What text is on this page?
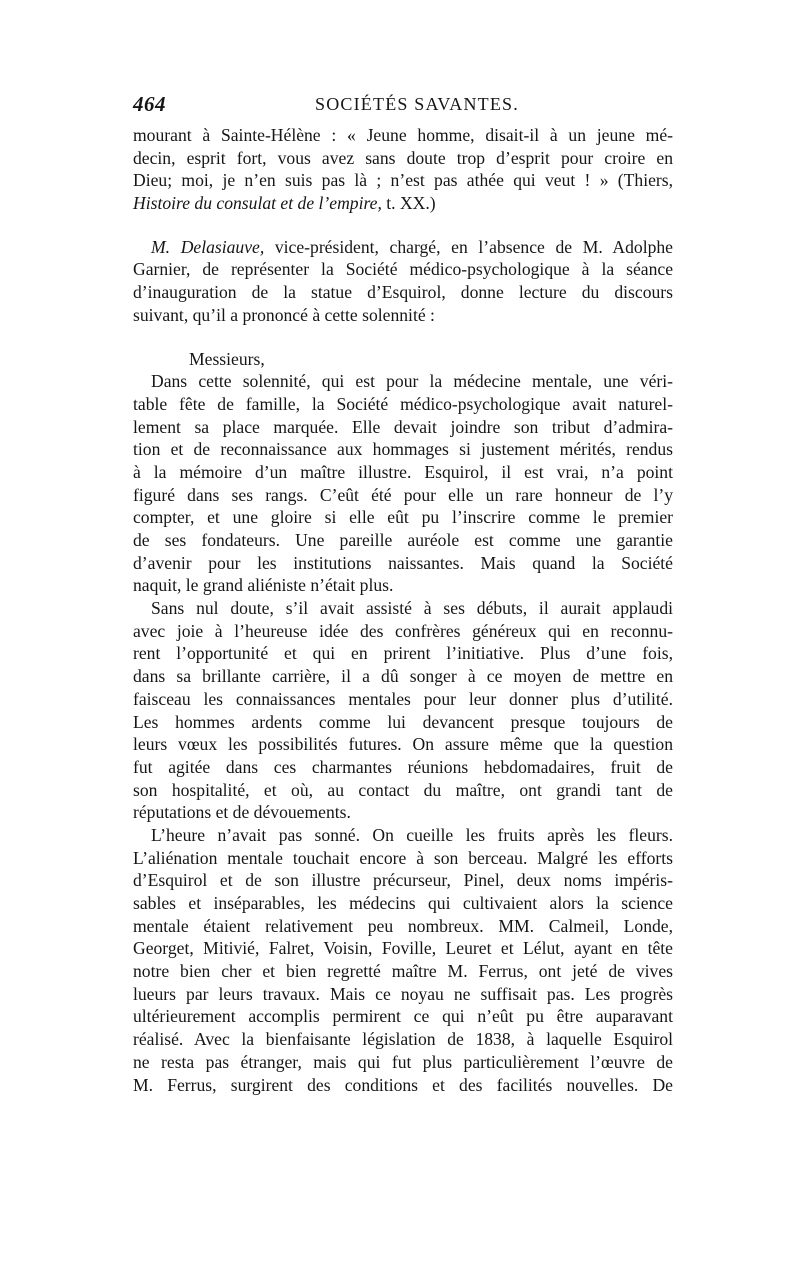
464	SOCIÉTÉS SAVANTES.
mourant à Sainte-Hélène : « Jeune homme, disait-il à un jeune mé-
decin, esprit fort, vous avez sans doute trop d’esprit pour croire en
Dieu; moi, je n’en suis pas là ; n’est pas athée qui veut ! » (Thiers,
Histoire du consulat et de l’empire, t. XX.)
M. Delasiauve, vice-président, chargé, en l’absence de M. Adolphe
Garnier, de représenter la Société médico-psychologique à la séance
d’inauguration de la statue d’Esquirol, donne lecture du discours
suivant, qu’il a prononcé à cette solennité :
Messieurs,
Dans cette solennité, qui est pour la médecine mentale, une véri-
table fête de famille, la Société médico-psychologique avait naturel-
lement sa place marquée. Elle devait joindre son tribut d’admira-
tion et de reconnaissance aux hommages si justement mérités, rendus
à la mémoire d’un maître illustre. Esquirol, il est vrai, n’a point
figuré dans ses rangs. C’eût été pour elle un rare honneur de l’y
compter, et une gloire si elle eût pu l’inscrire comme le premier
de ses fondateurs. Une pareille auréole est comme une garantie
d’avenir pour les institutions naissantes. Mais quand la Société
naquit, le grand aliéniste n’était plus.
Sans nul doute, s’il avait assisté à ses débuts, il aurait applaudi
avec joie à l’heureuse idée des confrères généreux qui en reconnu-
rent l’opportunité et qui en prirent l’initiative. Plus d’une fois,
dans sa brillante carrière, il a dû songer à ce moyen de mettre en
faisceau les connaissances mentales pour leur donner plus d’utilité.
Les hommes ardents comme lui devancent presque toujours de
leurs vœux les possibilités futures. On assure même que la question
fut agitée dans ces charmantes réunions hebdomadaires, fruit de
son hospitalité, et où, au contact du maître, ont grandi tant de
réputations et de dévouements.
L’heure n’avait pas sonné. On cueille les fruits après les fleurs.
L’aliénation mentale touchait encore à son berceau. Malgré les efforts
d’Esquirol et de son illustre précurseur, Pinel, deux noms impéris-
sables et inséparables, les médecins qui cultivaient alors la science
mentale étaient relativement peu nombreux. MM. Calmeil, Londe,
Georget, Mitivié, Falret, Voisin, Foville, Leuret et Lélut, ayant en tête
notre bien cher et bien regretté maître M. Ferrus, ont jeté de vives
lueurs par leurs travaux. Mais ce noyau ne suffisait pas. Les progrès
ultérieurement accomplis permirent ce qui n’eût pu être auparavant
réalisé. Avec la bienfaisante législation de 1838, à laquelle Esquirol
ne resta pas étranger, mais qui fut plus particulièrement l’œuvre de
M. Ferrus, surgirent des conditions et des facilités nouvelles. De
